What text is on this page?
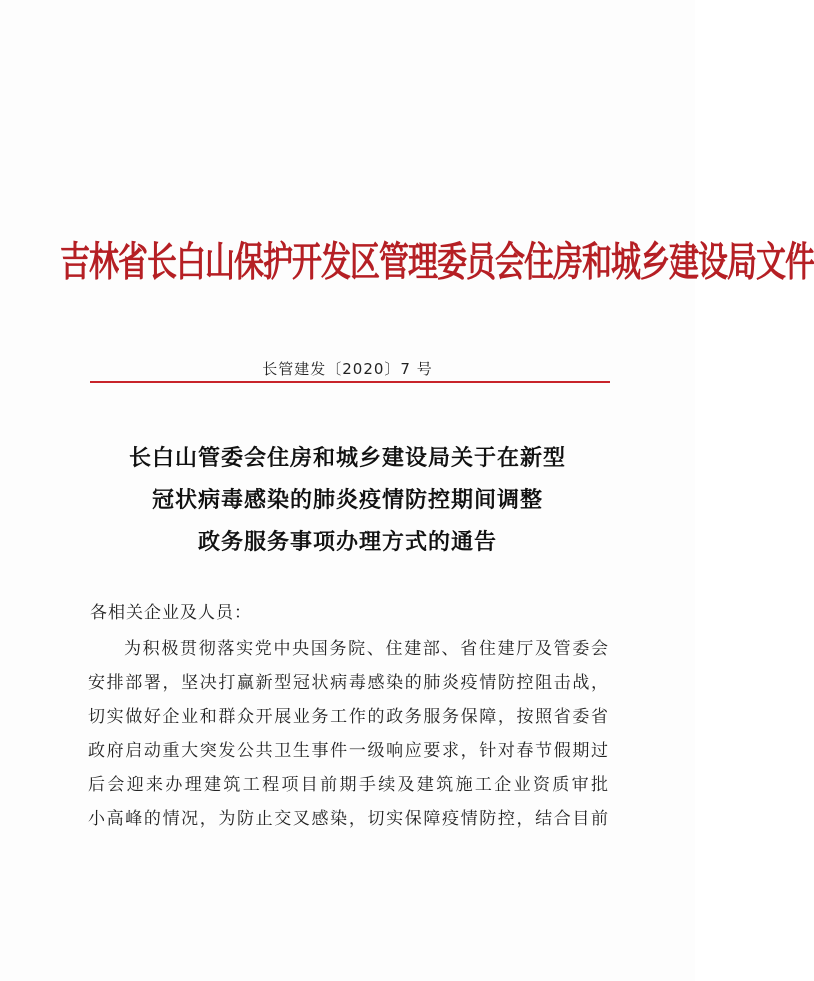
吉林省长白山保护开发区管理委员会住房和城乡建设局文件
长管建发〔2020〕7 号
长白山管委会住房和城乡建设局关于在新型
冠状病毒感染的肺炎疫情防控期间调整
政务服务事项办理方式的通告
各相关企业及人员：
为积极贯彻落实党中央国务院、住建部、省住建厅及管委会
安排部署，坚决打赢新型冠状病毒感染的肺炎疫情防控阻击战，
切实做好企业和群众开展业务工作的政务服务保障，按照省委省
政府启动重大突发公共卫生事件一级响应要求，针对春节假期过
后会迎来办理建筑工程项目前期手续及建筑施工企业资质审批
小高峰的情况，为防止交叉感染，切实保障疫情防控，结合目前
